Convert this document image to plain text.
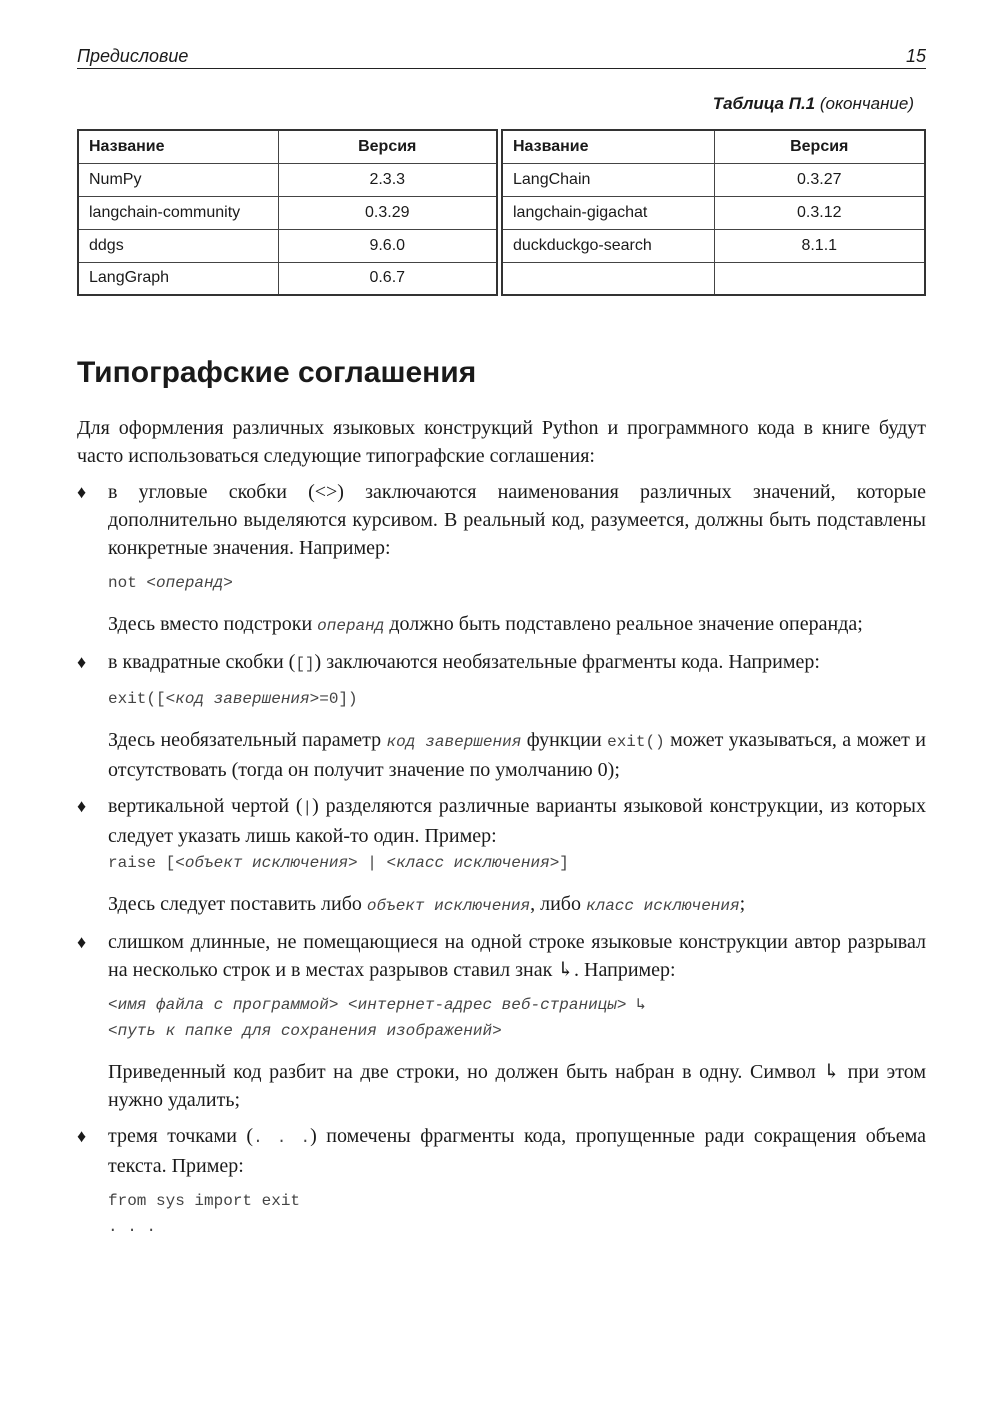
Предисловие	15
Таблица П.1 (окончание)
Название	Версия
NumPy	2.3.3
langchain-community	0.3.29
ddgs	9.6.0
LangGraph	0.6.7
Название	Версия
LangChain	0.3.27
langchain-gigachat	0.3.12
duckduckgo-search	8.1.1

Типографские соглашения

Для оформления различных языковых конструкций Python и программного кода в книге будут часто использоваться следующие типографские соглашения:

♦ в угловые скобки (<>) заключаются наименования различных значений, которые дополнительно выделяются курсивом. В реальный код, разумеется, должны быть подставлены конкретные значения. Например:

not <операнд>

Здесь вместо подстроки операнд должно быть подставлено реальное значение операнда;

♦ в квадратные скобки ([]) заключаются необязательные фрагменты кода. Например:

exit([<код завершения>=0])

Здесь необязательный параметр код завершения функции exit() может указываться, а может и отсутствовать (тогда он получит значение по умолчанию 0);

♦ вертикальной чертой (|) разделяются различные варианты языковой конструкции, из которых следует указать лишь какой-то один. Пример:

raise [<объект исключения> | <класс исключения>]

Здесь следует поставить либо объект исключения, либо класс исключения;

♦ слишком длинные, не помещающиеся на одной строке языковые конструкции автор разрывал на несколько строк и в местах разрывов ставил знак ↳. Например:

<имя файла с программой> <интернет-адрес веб-страницы> ↳
<путь к папке для сохранения изображений>

Приведенный код разбит на две строки, но должен быть набран в одну. Символ ↳ при этом нужно удалить;

♦ тремя точками (. . .) помечены фрагменты кода, пропущенные ради сокращения объема текста. Пример:

from sys import exit
. . .
